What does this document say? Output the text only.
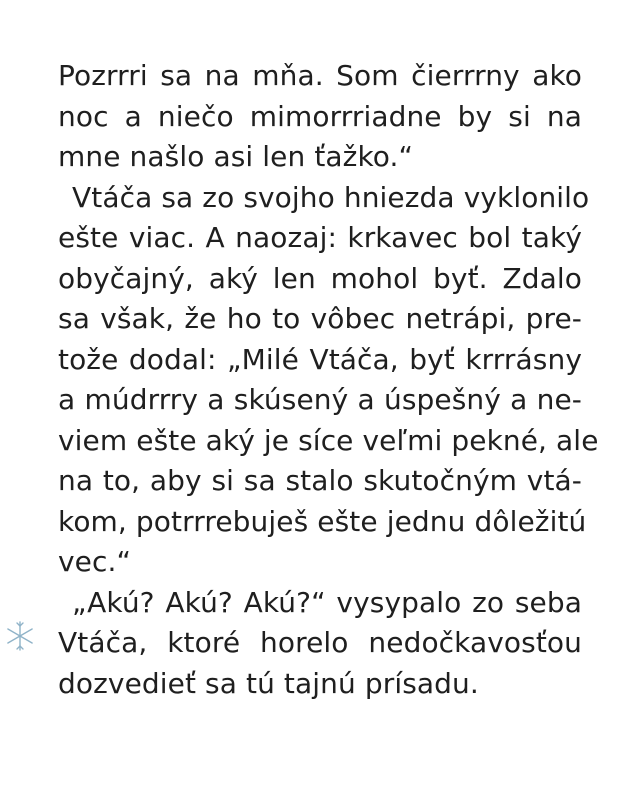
Pozrrri sa na mňa. Som čierrrny ako
noc a niečo mimorrriadne by si na
mne našlo asi len ťažko.“
Vtáča sa zo svojho hniezda vyklonilo
ešte viac. A naozaj: krkavec bol taký
obyčajný, aký len mohol byť. Zdalo
sa však, že ho to vôbec netrápi, pre-
tože dodal: „Milé Vtáča, byť krrrásny
a múdrrry a skúsený a úspešný a ne-
viem ešte aký je síce veľmi pekné, ale
na to, aby si sa stalo skutočným vtá-
kom, potrrrebuješ ešte jednu dôležitú
vec.“
„Akú? Akú? Akú?“ vysypalo zo seba
Vtáča, ktoré horelo nedočkavosťou
dozvedieť sa tú tajnú prísadu.
